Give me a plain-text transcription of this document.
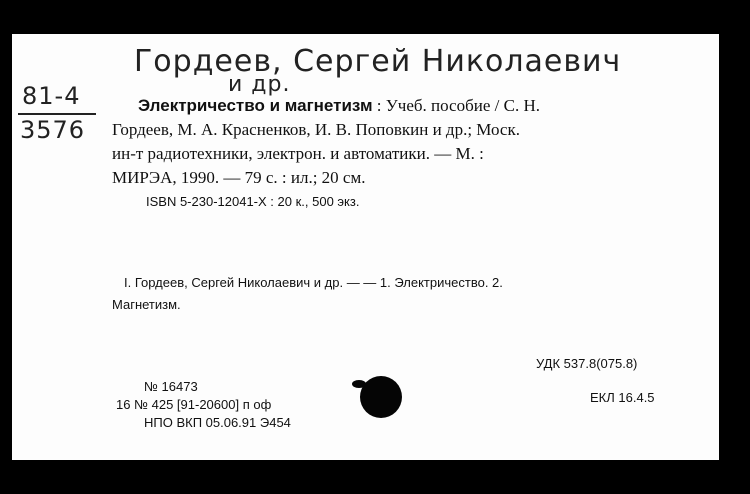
Гордеев, Сергей Николаевич
и др.
81-4
3576
Электричество и магнетизм : Учеб. пособие / С. Н.
Гордеев, М. А. Красненков, И. В. Поповкин и др.; Моск.
ин-т радиотехники, электрон. и автоматики. — М. :
МИРЭА, 1990. — 79 с. : ил.; 20 см.
ISBN 5-230-12041-X : 20 к., 500 экз.
I. Гордеев, Сергей Николаевич и др. — — 1. Электричество. 2.
Магнетизм.
УДК 537.8(075.8)
ЕКЛ 16.4.5
№ 16473
16 № 425 [91-20600] п оф
НПО ВКП 05.06.91 Э454
